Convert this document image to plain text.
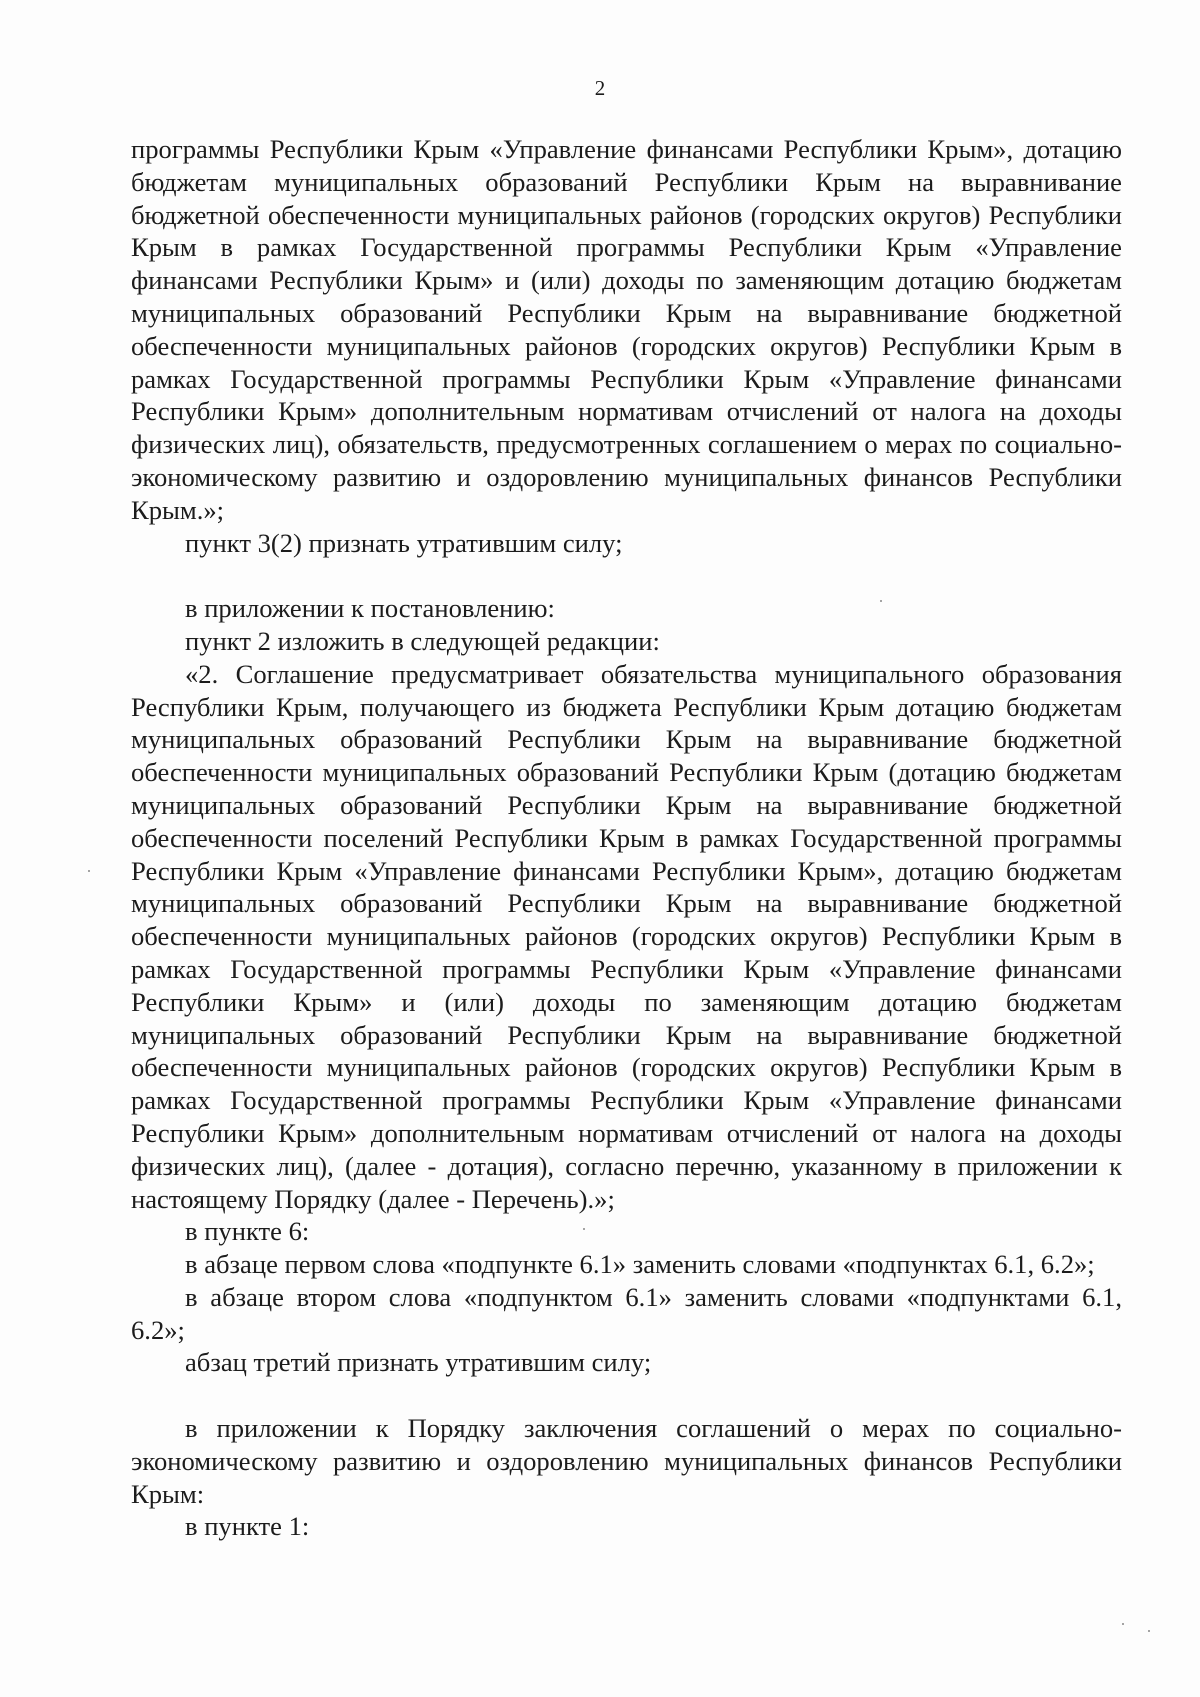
2

программы Республики Крым «Управление финансами Республики Крым», дотацию бюджетам муниципальных образований Республики Крым на выравнивание бюджетной обеспеченности муниципальных районов (городских округов) Республики Крым в рамках Государственной программы Республики Крым «Управление финансами Республики Крым» и (или) доходы по заменяющим дотацию бюджетам муниципальных образований Республики Крым на выравнивание бюджетной обеспеченности муниципальных районов (городских округов) Республики Крым в рамках Государственной программы Республики Крым «Управление финансами Республики Крым» дополнительным нормативам отчислений от налога на доходы физических лиц), обязательств, предусмотренных соглашением о мерах по социально-экономическому развитию и оздоровлению муниципальных финансов Республики Крым.»;

пункт 3(2) признать утратившим силу;

в приложении к постановлению:

пункт 2 изложить в следующей редакции:

«2. Соглашение предусматривает обязательства муниципального образования Республики Крым, получающего из бюджета Республики Крым дотацию бюджетам муниципальных образований Республики Крым на выравнивание бюджетной обеспеченности муниципальных образований Республики Крым (дотацию бюджетам муниципальных образований Республики Крым на выравнивание бюджетной обеспеченности поселений Республики Крым в рамках Государственной программы Республики Крым «Управление финансами Республики Крым», дотацию бюджетам муниципальных образований Республики Крым на выравнивание бюджетной обеспеченности муниципальных районов (городских округов) Республики Крым в рамках Государственной программы Республики Крым «Управление финансами Республики Крым» и (или) доходы по заменяющим дотацию бюджетам муниципальных образований Республики Крым на выравнивание бюджетной обеспеченности муниципальных районов (городских округов) Республики Крым в рамках Государственной программы Республики Крым «Управление финансами Республики Крым» дополнительным нормативам отчислений от налога на доходы физических лиц), (далее - дотация), согласно перечню, указанному в приложении к настоящему Порядку (далее - Перечень).»;

в пункте 6:

в абзаце первом слова «подпункте 6.1» заменить словами «подпунктах 6.1, 6.2»;

в абзаце втором слова «подпунктом 6.1» заменить словами «подпунктами 6.1, 6.2»;

абзац третий признать утратившим силу;

в приложении к Порядку заключения соглашений о мерах по социально-экономическому развитию и оздоровлению муниципальных финансов Республики Крым:

в пункте 1:
